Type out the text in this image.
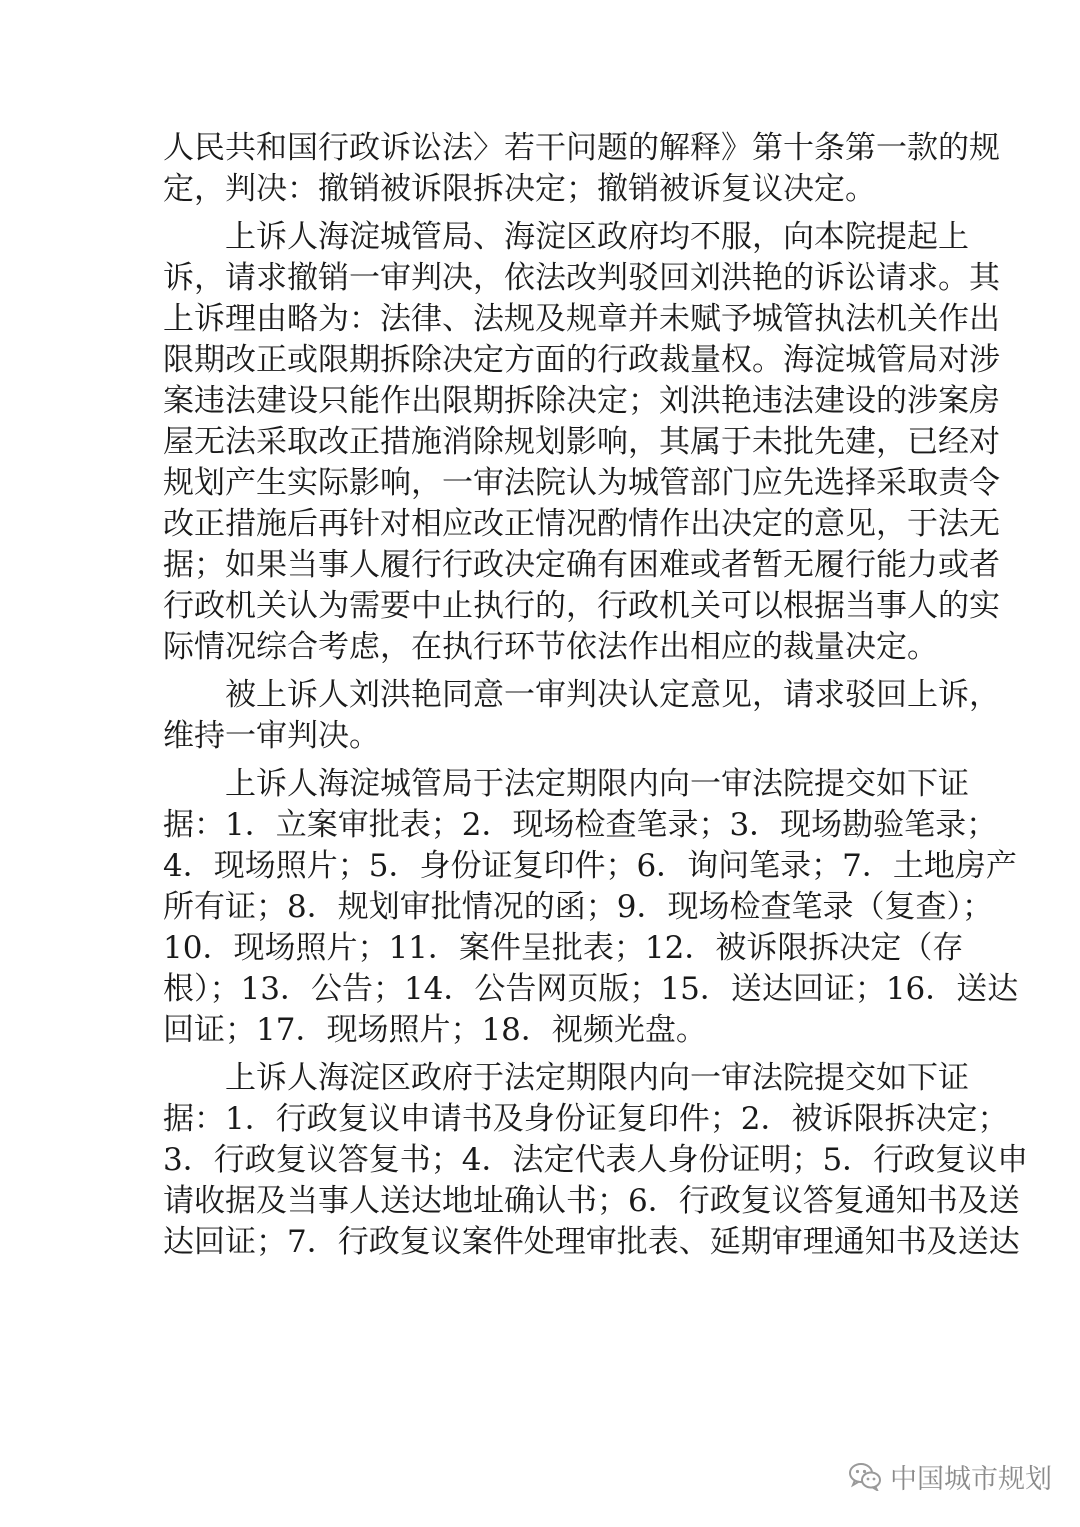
人民共和国行政诉讼法〉若干问题的解释》第十条第一款的规
定，判决：撤销被诉限拆决定；撤销被诉复议决定。
上诉人海淀城管局、海淀区政府均不服，向本院提起上
诉，请求撤销一审判决，依法改判驳回刘洪艳的诉讼请求。其
上诉理由略为：法律、法规及规章并未赋予城管执法机关作出
限期改正或限期拆除决定方面的行政裁量权。海淀城管局对涉
案违法建设只能作出限期拆除决定；刘洪艳违法建设的涉案房
屋无法采取改正措施消除规划影响，其属于未批先建，已经对
规划产生实际影响，一审法院认为城管部门应先选择采取责令
改正措施后再针对相应改正情况酌情作出决定的意见，于法无
据；如果当事人履行行政决定确有困难或者暂无履行能力或者
行政机关认为需要中止执行的，行政机关可以根据当事人的实
际情况综合考虑，在执行环节依法作出相应的裁量决定。
被上诉人刘洪艳同意一审判决认定意见，请求驳回上诉，
维持一审判决。
上诉人海淀城管局于法定期限内向一审法院提交如下证
据：1．立案审批表；2．现场检查笔录；3．现场勘验笔录；
4．现场照片；5．身份证复印件；6．询问笔录；7．土地房产
所有证；8．规划审批情况的函；9．现场检查笔录（复查）；
10．现场照片；11．案件呈批表；12．被诉限拆决定（存
根）；13．公告；14．公告网页版；15．送达回证；16．送达
回证；17．现场照片；18．视频光盘。
上诉人海淀区政府于法定期限内向一审法院提交如下证
据：1．行政复议申请书及身份证复印件；2．被诉限拆决定；
3．行政复议答复书；4．法定代表人身份证明；5．行政复议申
请收据及当事人送达地址确认书；6．行政复议答复通知书及送
达回证；7．行政复议案件处理审批表、延期审理通知书及送达
中国城市规划
